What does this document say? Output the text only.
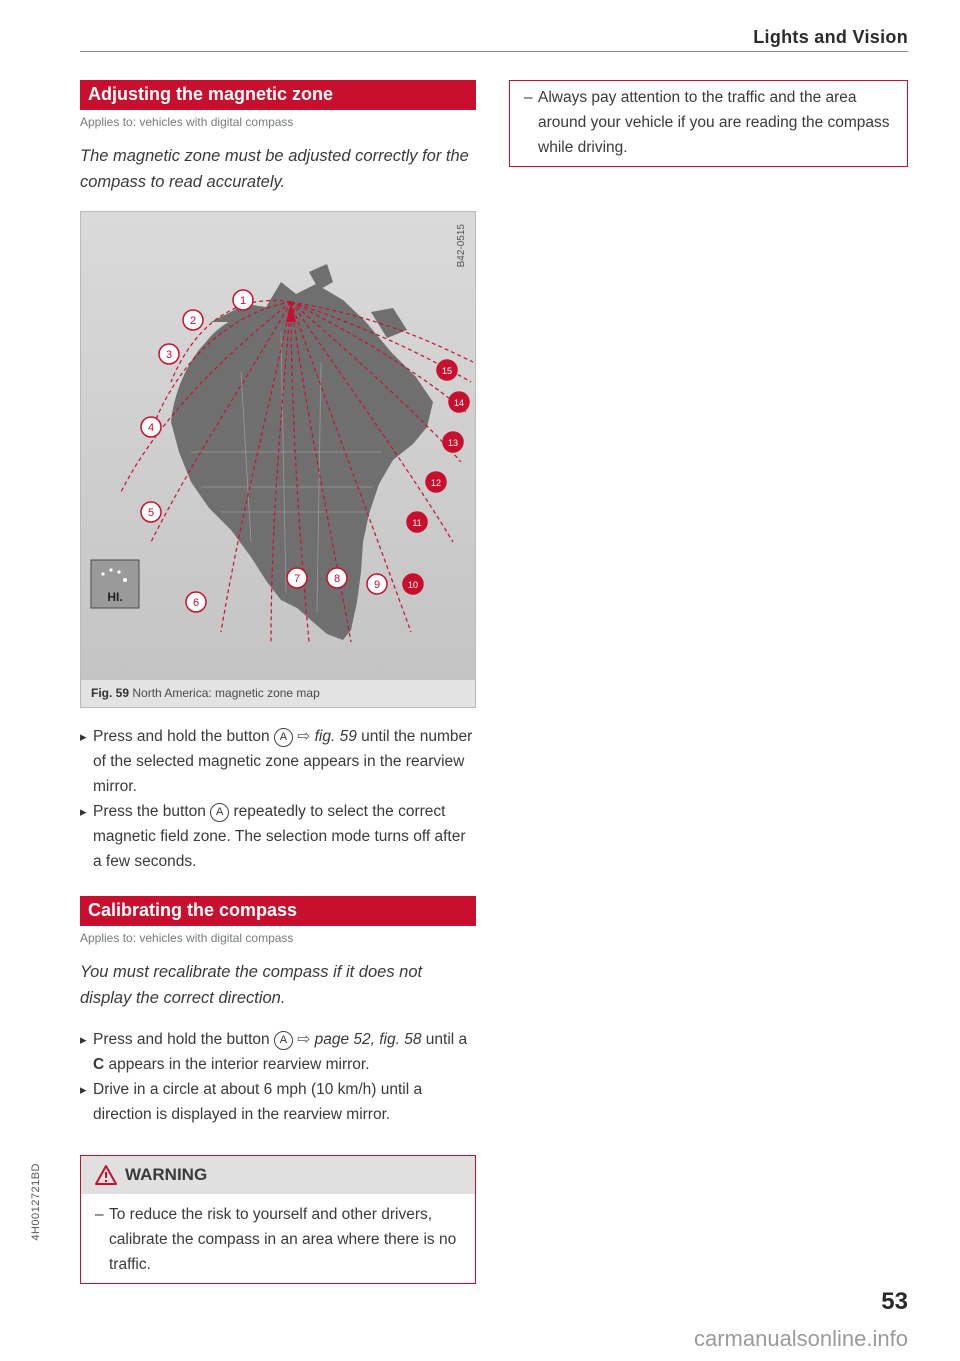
Lights and Vision
Adjusting the magnetic zone
Applies to: vehicles with digital compass
The magnetic zone must be adjusted correctly for the compass to read accurately.
HI.
1
2
3
4
5
6
7	8	9	10
11
12
13
14
15
B42-0515
Fig. 59 North America: magnetic zone map
▸ Press and hold the button A ⇨ fig. 59 until the number of the selected magnetic zone appears in the rearview mirror.
▸ Press the button A repeatedly to select the correct magnetic field zone. The selection mode turns off after a few seconds.
Calibrating the compass
Applies to: vehicles with digital compass
You must recalibrate the compass if it does not display the correct direction.
▸ Press and hold the button A ⇨ page 52, fig. 58 until a C appears in the interior rearview mirror.
▸ Drive in a circle at about 6 mph (10 km/h) until a direction is displayed in the rearview mirror.
WARNING
– To reduce the risk to yourself and other drivers, calibrate the compass in an area where there is no traffic.
– Always pay attention to the traffic and the area around your vehicle if you are reading the compass while driving.
4H0012721BD
53
carmanualsonline.info
